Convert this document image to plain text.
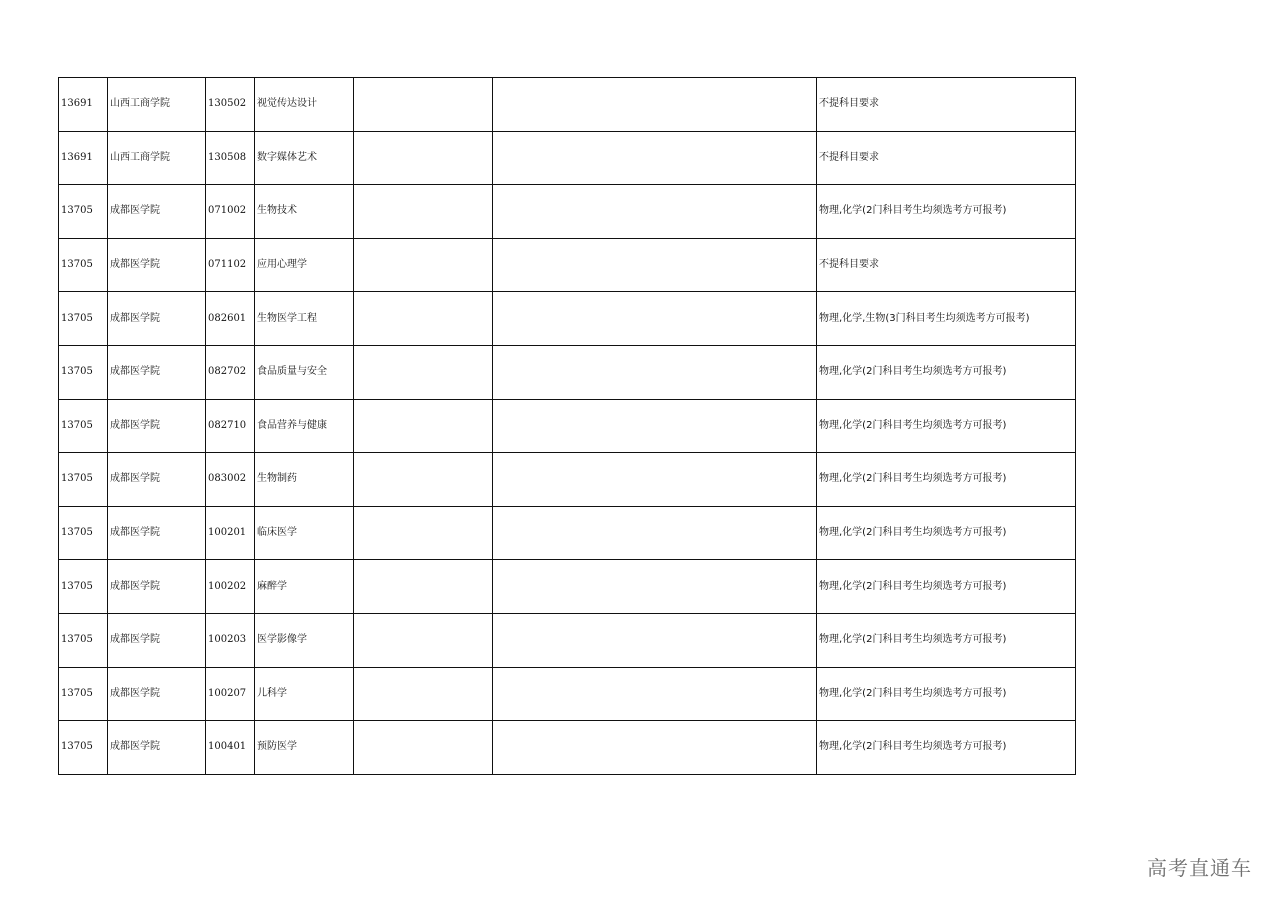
13691	山西工商学院	130502	视觉传达设计			不提科目要求
13691	山西工商学院	130508	数字媒体艺术			不提科目要求
13705	成都医学院	071002	生物技术			物理,化学(2门科目考生均须选考方可报考)
13705	成都医学院	071102	应用心理学			不提科目要求
13705	成都医学院	082601	生物医学工程			物理,化学,生物(3门科目考生均须选考方可报考)
13705	成都医学院	082702	食品质量与安全			物理,化学(2门科目考生均须选考方可报考)
13705	成都医学院	082710	食品营养与健康			物理,化学(2门科目考生均须选考方可报考)
13705	成都医学院	083002	生物制药			物理,化学(2门科目考生均须选考方可报考)
13705	成都医学院	100201	临床医学			物理,化学(2门科目考生均须选考方可报考)
13705	成都医学院	100202	麻醉学			物理,化学(2门科目考生均须选考方可报考)
13705	成都医学院	100203	医学影像学			物理,化学(2门科目考生均须选考方可报考)
13705	成都医学院	100207	儿科学			物理,化学(2门科目考生均须选考方可报考)
13705	成都医学院	100401	预防医学			物理,化学(2门科目考生均须选考方可报考)
高考直通车
